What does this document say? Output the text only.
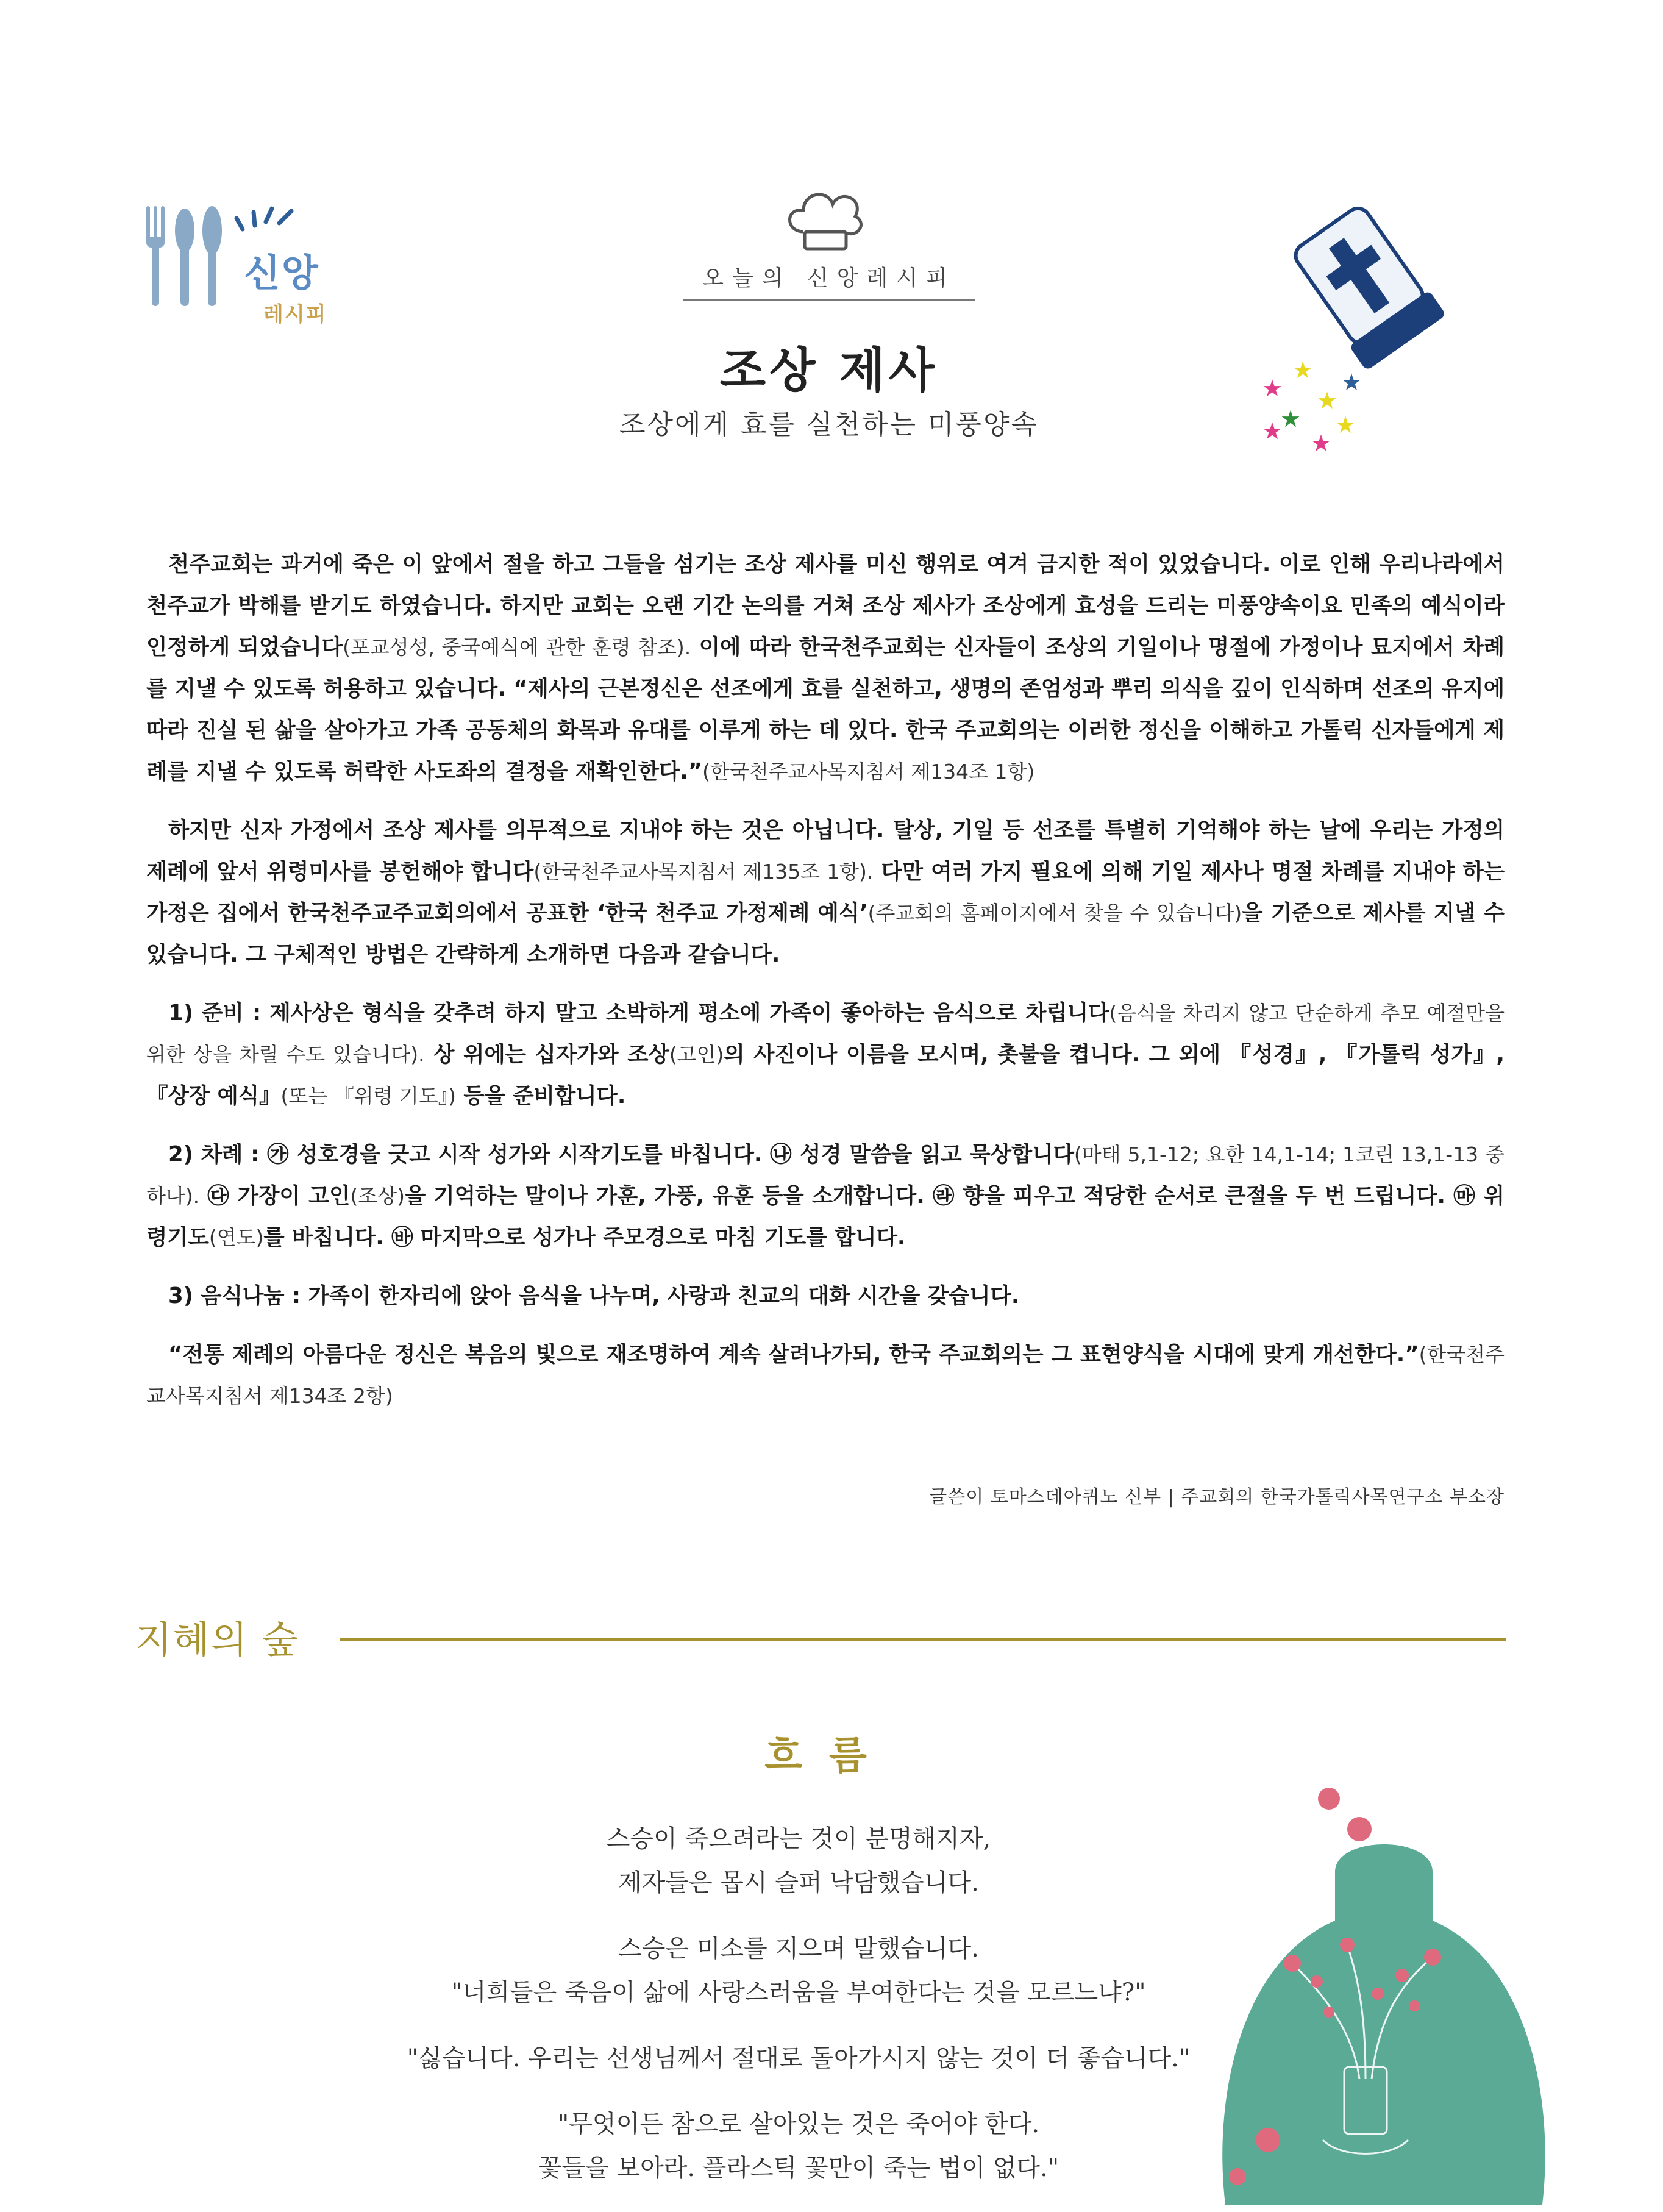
신앙
레시피
오늘의 신앙레시피
조상 제사
조상에게 효를 실천하는 미풍양속
★
★
★
★
★
★
★
★

천주교회는 과거에 죽은 이 앞에서 절을 하고 그들을 섬기는 조상 제사를 미신 행위로 여겨 금지한 적이 있었습니다. 이로 인해 우리나라에서 천주교가 박해를 받기도 하였습니다. 하지만 교회는 오랜 기간 논의를 거쳐 조상 제사가 조상에게 효성을 드리는 미풍양속이요 민족의 예식이라 인정하게 되었습니다(포교성성, 중국예식에 관한 훈령 참조). 이에 따라 한국천주교회는 신자들이 조상의 기일이나 명절에 가정이나 묘지에서 차례를 지낼 수 있도록 허용하고 있습니다. “제사의 근본정신은 선조에게 효를 실천하고, 생명의 존엄성과 뿌리 의식을 깊이 인식하며 선조의 유지에 따라 진실 된 삶을 살아가고 가족 공동체의 화목과 유대를 이루게 하는 데 있다. 한국 주교회의는 이러한 정신을 이해하고 가톨릭 신자들에게 제례를 지낼 수 있도록 허락한 사도좌의 결정을 재확인한다.”(한국천주교사목지침서 제134조 1항)

하지만 신자 가정에서 조상 제사를 의무적으로 지내야 하는 것은 아닙니다. 탈상, 기일 등 선조를 특별히 기억해야 하는 날에 우리는 가정의 제례에 앞서 위령미사를 봉헌해야 합니다(한국천주교사목지침서 제135조 1항). 다만 여러 가지 필요에 의해 기일 제사나 명절 차례를 지내야 하는 가정은 집에서 한국천주교주교회의에서 공표한 ‘한국 천주교 가정제례 예식’(주교회의 홈페이지에서 찾을 수 있습니다)을 기준으로 제사를 지낼 수 있습니다. 그 구체적인 방법은 간략하게 소개하면 다음과 같습니다.

1) 준비 : 제사상은 형식을 갖추려 하지 말고 소박하게 평소에 가족이 좋아하는 음식으로 차립니다(음식을 차리지 않고 단순하게 추모 예절만을 위한 상을 차릴 수도 있습니다). 상 위에는 십자가와 조상(고인)의 사진이나 이름을 모시며, 촛불을 켭니다. 그 외에 『성경』, 『가톨릭 성가』, 『상장 예식』(또는 『위령 기도』) 등을 준비합니다.

2) 차례 : ㉮ 성호경을 긋고 시작 성가와 시작기도를 바칩니다. ㉯ 성경 말씀을 읽고 묵상합니다(마태 5,1-12; 요한 14,1-14; 1코린 13,1-13 중 하나). ㉰ 가장이 고인(조상)을 기억하는 말이나 가훈, 가풍, 유훈 등을 소개합니다. ㉱ 향을 피우고 적당한 순서로 큰절을 두 번 드립니다. ㉲ 위령기도(연도)를 바칩니다. ㉳ 마지막으로 성가나 주모경으로 마침 기도를 합니다.

3) 음식나눔 : 가족이 한자리에 앉아 음식을 나누며, 사랑과 친교의 대화 시간을 갖습니다.

“전통 제례의 아름다운 정신은 복음의 빛으로 재조명하여 계속 살려나가되, 한국 주교회의는 그 표현양식을 시대에 맞게 개선한다.”(한국천주교사목지침서 제134조 2항)

글쓴이 토마스데아퀴노 신부 | 주교회의 한국가톨릭사목연구소 부소장
지혜의 숲
흐름

스승이 죽으려라는 것이 분명해지자,
제자들은 몹시 슬퍼 낙담했습니다.

스승은 미소를 지으며 말했습니다.
"너희들은 죽음이 삶에 사랑스러움을 부여한다는 것을 모르느냐?"

"싫습니다. 우리는 선생님께서 절대로 돌아가시지 않는 것이 더 좋습니다."

"무엇이든 참으로 살아있는 것은 죽어야 한다.
꽃들을 보아라. 플라스틱 꽃만이 죽는 법이 없다."
